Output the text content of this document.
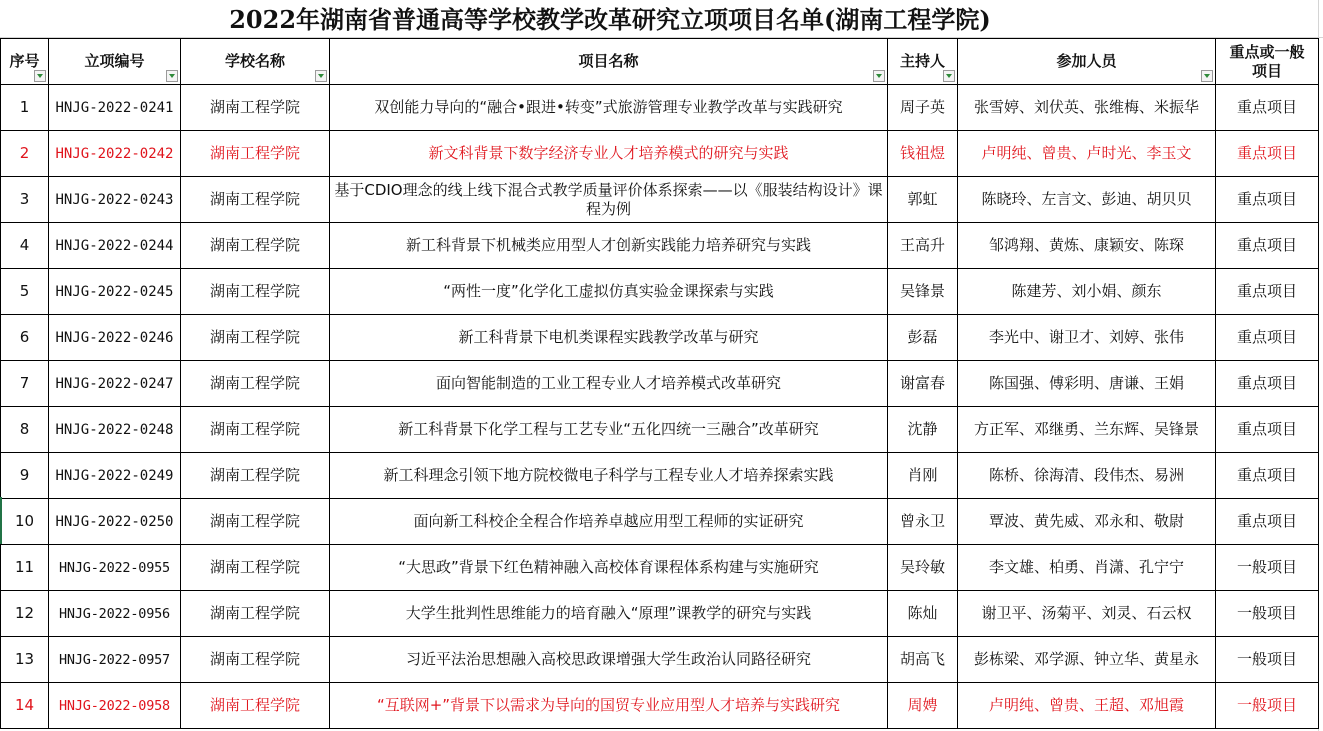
2022年湖南省普通高等学校教学改革研究立项项目名单(湖南工程学院)
序号	立项编号	学校名称	项目名称	主持人	参加人员	重点或一般
项目

1	HNJG-2022-0241	湖南工程学院	双创能力导向的“融合•跟进•转变”式旅游管理专业教学改革与实践研究	周子英	张雪婷、刘伏英、张维梅、米振华	重点项目
2	HNJG-2022-0242	湖南工程学院	新文科背景下数字经济专业人才培养模式的研究与实践	钱祖煜	卢明纯、曾贵、卢时光、李玉文	重点项目
3	HNJG-2022-0243	湖南工程学院	基于CDIO理念的线上线下混合式教学质量评价体系探索——以《服装结构设计》课程为例	郭虹	陈晓玲、左言文、彭迪、胡贝贝	重点项目
4	HNJG-2022-0244	湖南工程学院	新工科背景下机械类应用型人才创新实践能力培养研究与实践	王高升	邹鸿翔、黄炼、康颖安、陈琛	重点项目
5	HNJG-2022-0245	湖南工程学院	“两性一度”化学化工虚拟仿真实验金课探索与实践	吴锋景	陈建芳、刘小娟、颜东	重点项目
6	HNJG-2022-0246	湖南工程学院	新工科背景下电机类课程实践教学改革与研究	彭磊	李光中、谢卫才、刘婷、张伟	重点项目
7	HNJG-2022-0247	湖南工程学院	面向智能制造的工业工程专业人才培养模式改革研究	谢富春	陈国强、傅彩明、唐谦、王娟	重点项目
8	HNJG-2022-0248	湖南工程学院	新工科背景下化学工程与工艺专业“五化四统一三融合”改革研究	沈静	方正军、邓继勇、兰东辉、吴锋景	重点项目
9	HNJG-2022-0249	湖南工程学院	新工科理念引领下地方院校微电子科学与工程专业人才培养探索实践	肖刚	陈桥、徐海清、段伟杰、易洲	重点项目
10	HNJG-2022-0250	湖南工程学院	面向新工科校企全程合作培养卓越应用型工程师的实证研究	曾永卫	覃波、黄先威、邓永和、敬尉	重点项目
11	HNJG-2022-0955	湖南工程学院	“大思政”背景下红色精神融入高校体育课程体系构建与实施研究	吴玲敏	李文雄、柏勇、肖潇、孔宁宁	一般项目
12	HNJG-2022-0956	湖南工程学院	大学生批判性思维能力的培育融入“原理”课教学的研究与实践	陈灿	谢卫平、汤菊平、刘灵、石云权	一般项目
13	HNJG-2022-0957	湖南工程学院	习近平法治思想融入高校思政课增强大学生政治认同路径研究	胡高飞	彭栋梁、邓学源、钟立华、黄星永	一般项目
14	HNJG-2022-0958	湖南工程学院	“互联网+”背景下以需求为导向的国贸专业应用型人才培养与实践研究	周娉	卢明纯、曾贵、王超、邓旭霞	一般项目
